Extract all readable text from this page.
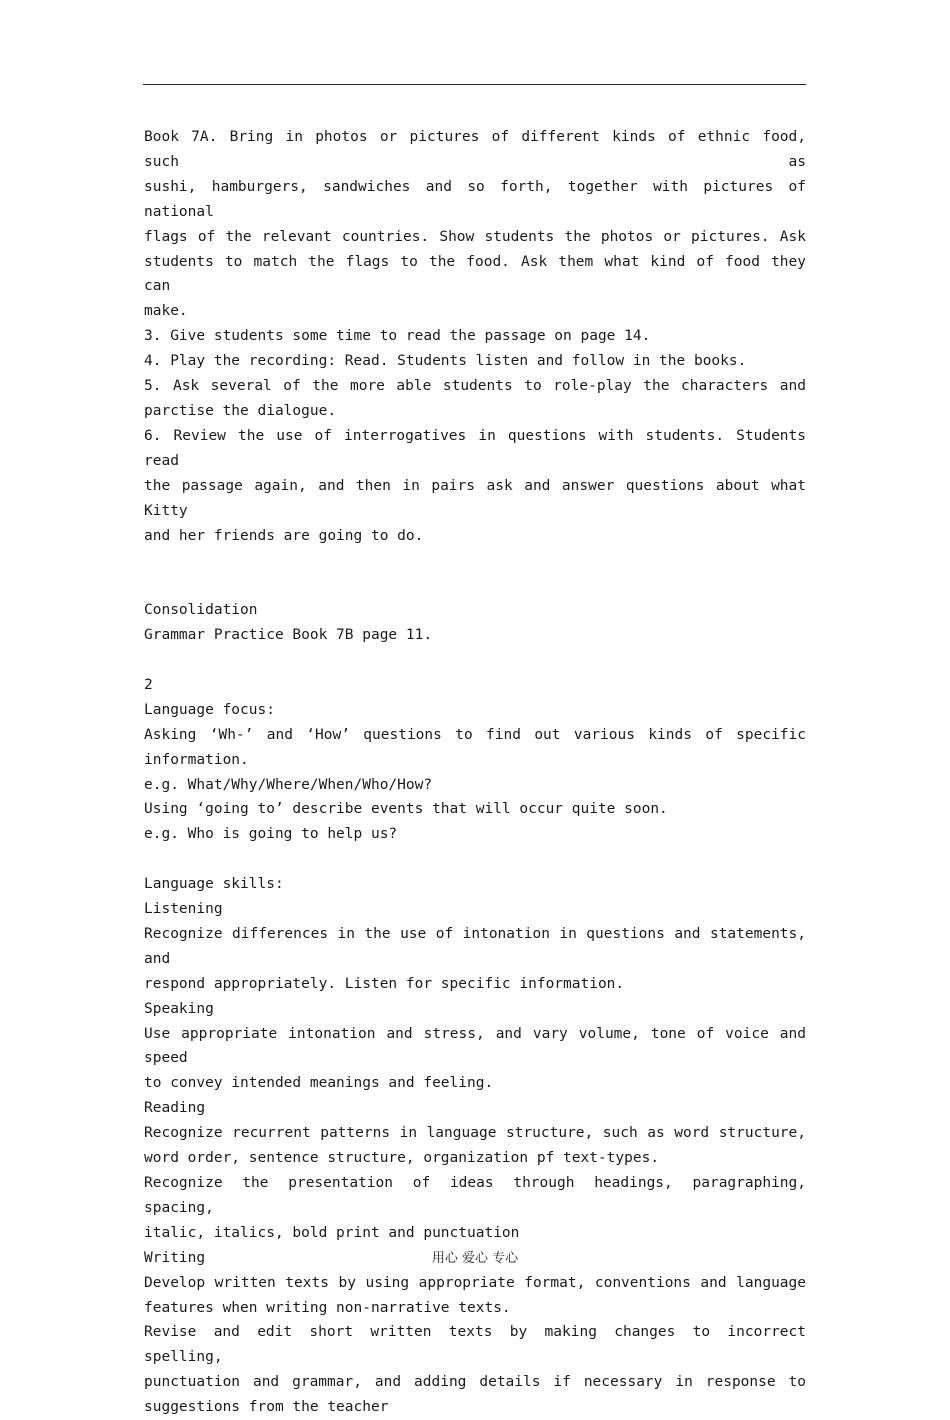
Book 7A. Bring in photos or pictures of different kinds of ethnic food, such as
sushi, hamburgers, sandwiches and so forth, together with pictures of national
flags of the relevant countries. Show students the photos or pictures. Ask
students to match the flags to the food. Ask them what kind of food they can
make.
3. Give students some time to read the passage on page 14.
4. Play the recording: Read. Students listen and follow in the books.
5. Ask several of the more able students to role-play the characters and
parctise the dialogue.
6. Review the use of interrogatives in questions with students. Students read
the passage again, and then in pairs ask and answer questions about what Kitty
and her friends are going to do.
Consolidation
Grammar Practice Book 7B page 11.
2
Language focus:
Asking ‘Wh-’ and ‘How’ questions to find out various kinds of specific
information.
e.g. What/Why/Where/When/Who/How?
Using ‘going to’ describe events that will occur quite soon.
e.g. Who is going to help us?
Language skills:
Listening
Recognize differences in the use of intonation in questions and statements, and
respond appropriately. Listen for specific information.
Speaking
Use appropriate intonation and stress, and vary volume, tone of voice and speed
to convey intended meanings and feeling.
Reading
Recognize recurrent patterns in language structure, such as word structure,
word order, sentence structure, organization pf text-types.
Recognize the presentation of ideas through headings, paragraphing, spacing,
italic, italics, bold print and punctuation
Writing
Develop written texts by using appropriate format, conventions and language
features when writing non-narrative texts.
Revise and edit short written texts by making changes to incorrect spelling,
punctuation and grammar, and adding details if necessary in response to
suggestions from the teacher
用心 爱心 专心
